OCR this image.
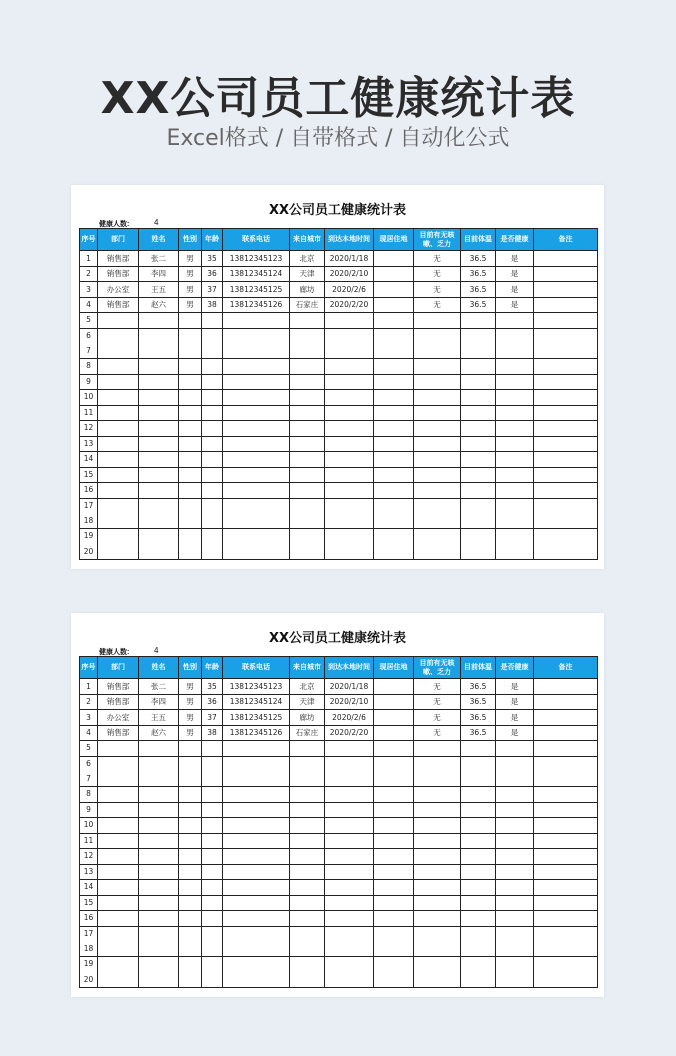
XX公司员工健康统计表
Excel格式 / 自带格式 / 自动化公式
XX公司员工健康统计表
健康人数:	4
序号	部门	姓名	性别	年龄	联系电话	来自城市	到达本地时间	现居住地	目前有无咳嗽、乏力	目前体温	是否健康	备注
1	销售部	张二	男	35	13812345123	北京	2020/1/18		无	36.5	是	
2	销售部	李四	男	36	13812345124	天津	2020/2/10		无	36.5	是	
3	办公室	王五	男	37	13812345125	廊坊	2020/2/6		无	36.5	是	
4	销售部	赵六	男	38	13812345126	石家庄	2020/2/20		无	36.5	是	

5												

6
7												

8												

9												

10												

11												

12												

13												

14												

15												

16												

17
18												

19
20												

XX公司员工健康统计表
健康人数:	4
序号	部门	姓名	性别	年龄	联系电话	来自城市	到达本地时间	现居住地	目前有无咳嗽、乏力	目前体温	是否健康	备注
1	销售部	张二	男	35	13812345123	北京	2020/1/18		无	36.5	是	
2	销售部	李四	男	36	13812345124	天津	2020/2/10		无	36.5	是	
3	办公室	王五	男	37	13812345125	廊坊	2020/2/6		无	36.5	是	
4	销售部	赵六	男	38	13812345126	石家庄	2020/2/20		无	36.5	是	

5												

6
7												

8												

9												

10												

11												

12												

13												

14												

15												

16												

17
18												

19
20												
